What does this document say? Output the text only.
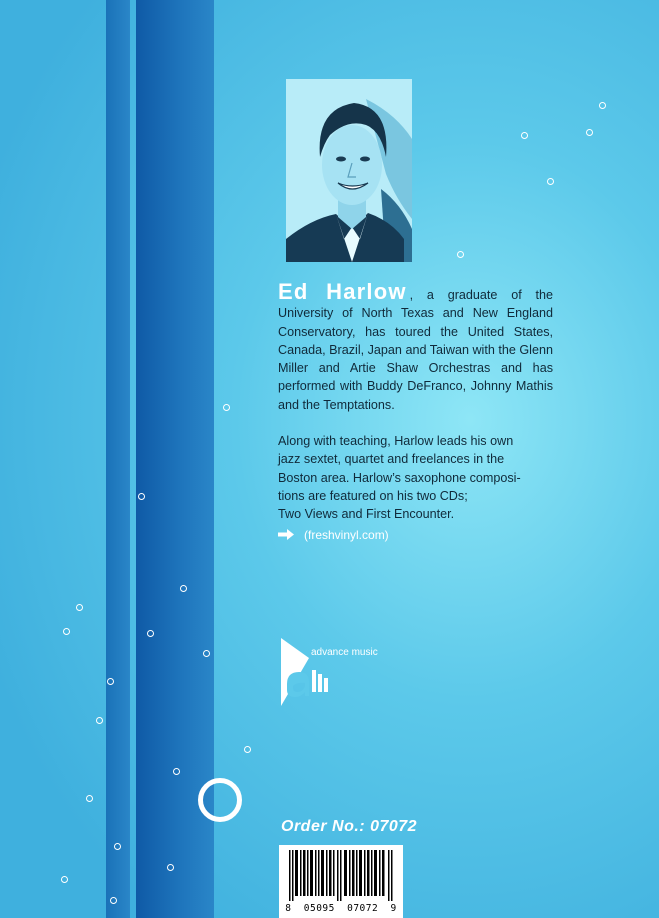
Ed Harlow , a graduate of the University of North Texas and New England Conservatory, has toured the United States, Canada, Brazil, Japan and Taiwan with the Glenn Miller and Artie Shaw Orchestras and has performed with Buddy DeFranco, Johnny Mathis and the Temptations.

Along with teaching, Harlow leads his own
jazz sextet, quartet and freelances in the
Boston area. Harlow’s saxophone composi-
tions are featured on his two CDs;
Two Views and First Encounter.

(freshvinyl.com)
advance music
Order No.: 07072
8 05095 07072 9
